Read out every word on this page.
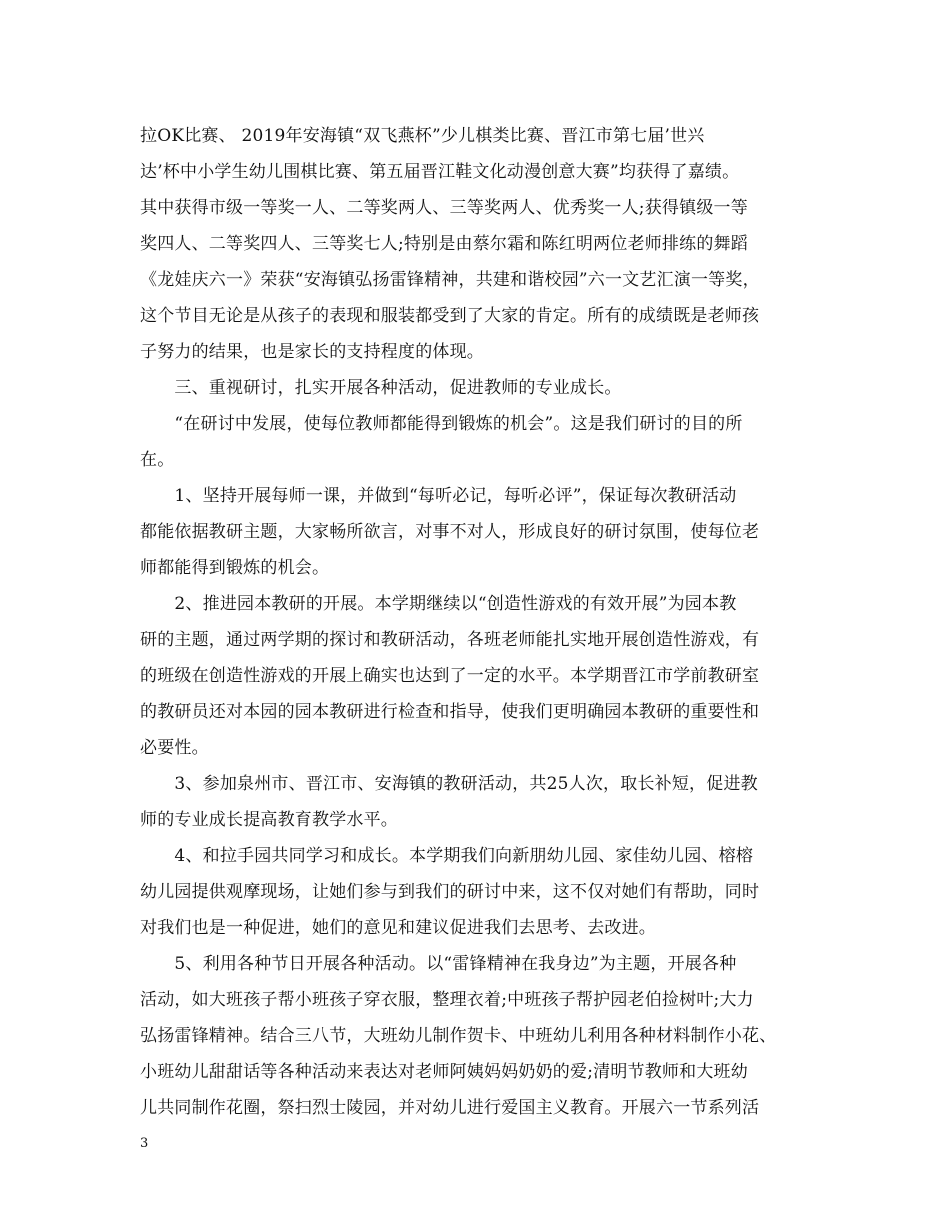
拉OK比赛、 2019年安海镇“双飞燕杯”少儿棋类比赛、晋江市第七届’世兴
达’杯中小学生幼儿围棋比赛、第五届晋江鞋文化动漫创意大赛”均获得了嘉绩。
其中获得市级一等奖一人、二等奖两人、三等奖两人、优秀奖一人;获得镇级一等
奖四人、二等奖四人、三等奖七人;特别是由蔡尔霜和陈红明两位老师排练的舞蹈
《龙娃庆六一》荣获“安海镇弘扬雷锋精神，共建和谐校园”六一文艺汇演一等奖，
这个节目无论是从孩子的表现和服装都受到了大家的肯定。所有的成绩既是老师孩
子努力的结果，也是家长的支持程度的体现。
　　三、重视研讨，扎实开展各种活动，促进教师的专业成长。
　　“在研讨中发展，使每位教师都能得到锻炼的机会”。这是我们研讨的目的所
在。
　　1、坚持开展每师一课，并做到“每听必记，每听必评”，保证每次教研活动
都能依据教研主题，大家畅所欲言，对事不对人，形成良好的研讨氛围，使每位老
师都能得到锻炼的机会。
　　2、推进园本教研的开展。本学期继续以“创造性游戏的有效开展”为园本教
研的主题，通过两学期的探讨和教研活动，各班老师能扎实地开展创造性游戏，有
的班级在创造性游戏的开展上确实也达到了一定的水平。本学期晋江市学前教研室
的教研员还对本园的园本教研进行检查和指导，使我们更明确园本教研的重要性和
必要性。
　　3、参加泉州市、晋江市、安海镇的教研活动，共25人次，取长补短，促进教
师的专业成长提高教育教学水平。
　　4、和拉手园共同学习和成长。本学期我们向新朋幼儿园、家佳幼儿园、榕榕
幼儿园提供观摩现场，让她们参与到我们的研讨中来，这不仅对她们有帮助，同时
对我们也是一种促进，她们的意见和建议促进我们去思考、去改进。
　　5、利用各种节日开展各种活动。以“雷锋精神在我身边”为主题，开展各种
活动，如大班孩子帮小班孩子穿衣服，整理衣着;中班孩子帮护园老伯捡树叶;大力
弘扬雷锋精神。结合三八节，大班幼儿制作贺卡、中班幼儿利用各种材料制作小花、
小班幼儿甜甜话等各种活动来表达对老师阿姨妈妈奶奶的爱;清明节教师和大班幼
儿共同制作花圈，祭扫烈士陵园，并对幼儿进行爱国主义教育。开展六一节系列活
3
